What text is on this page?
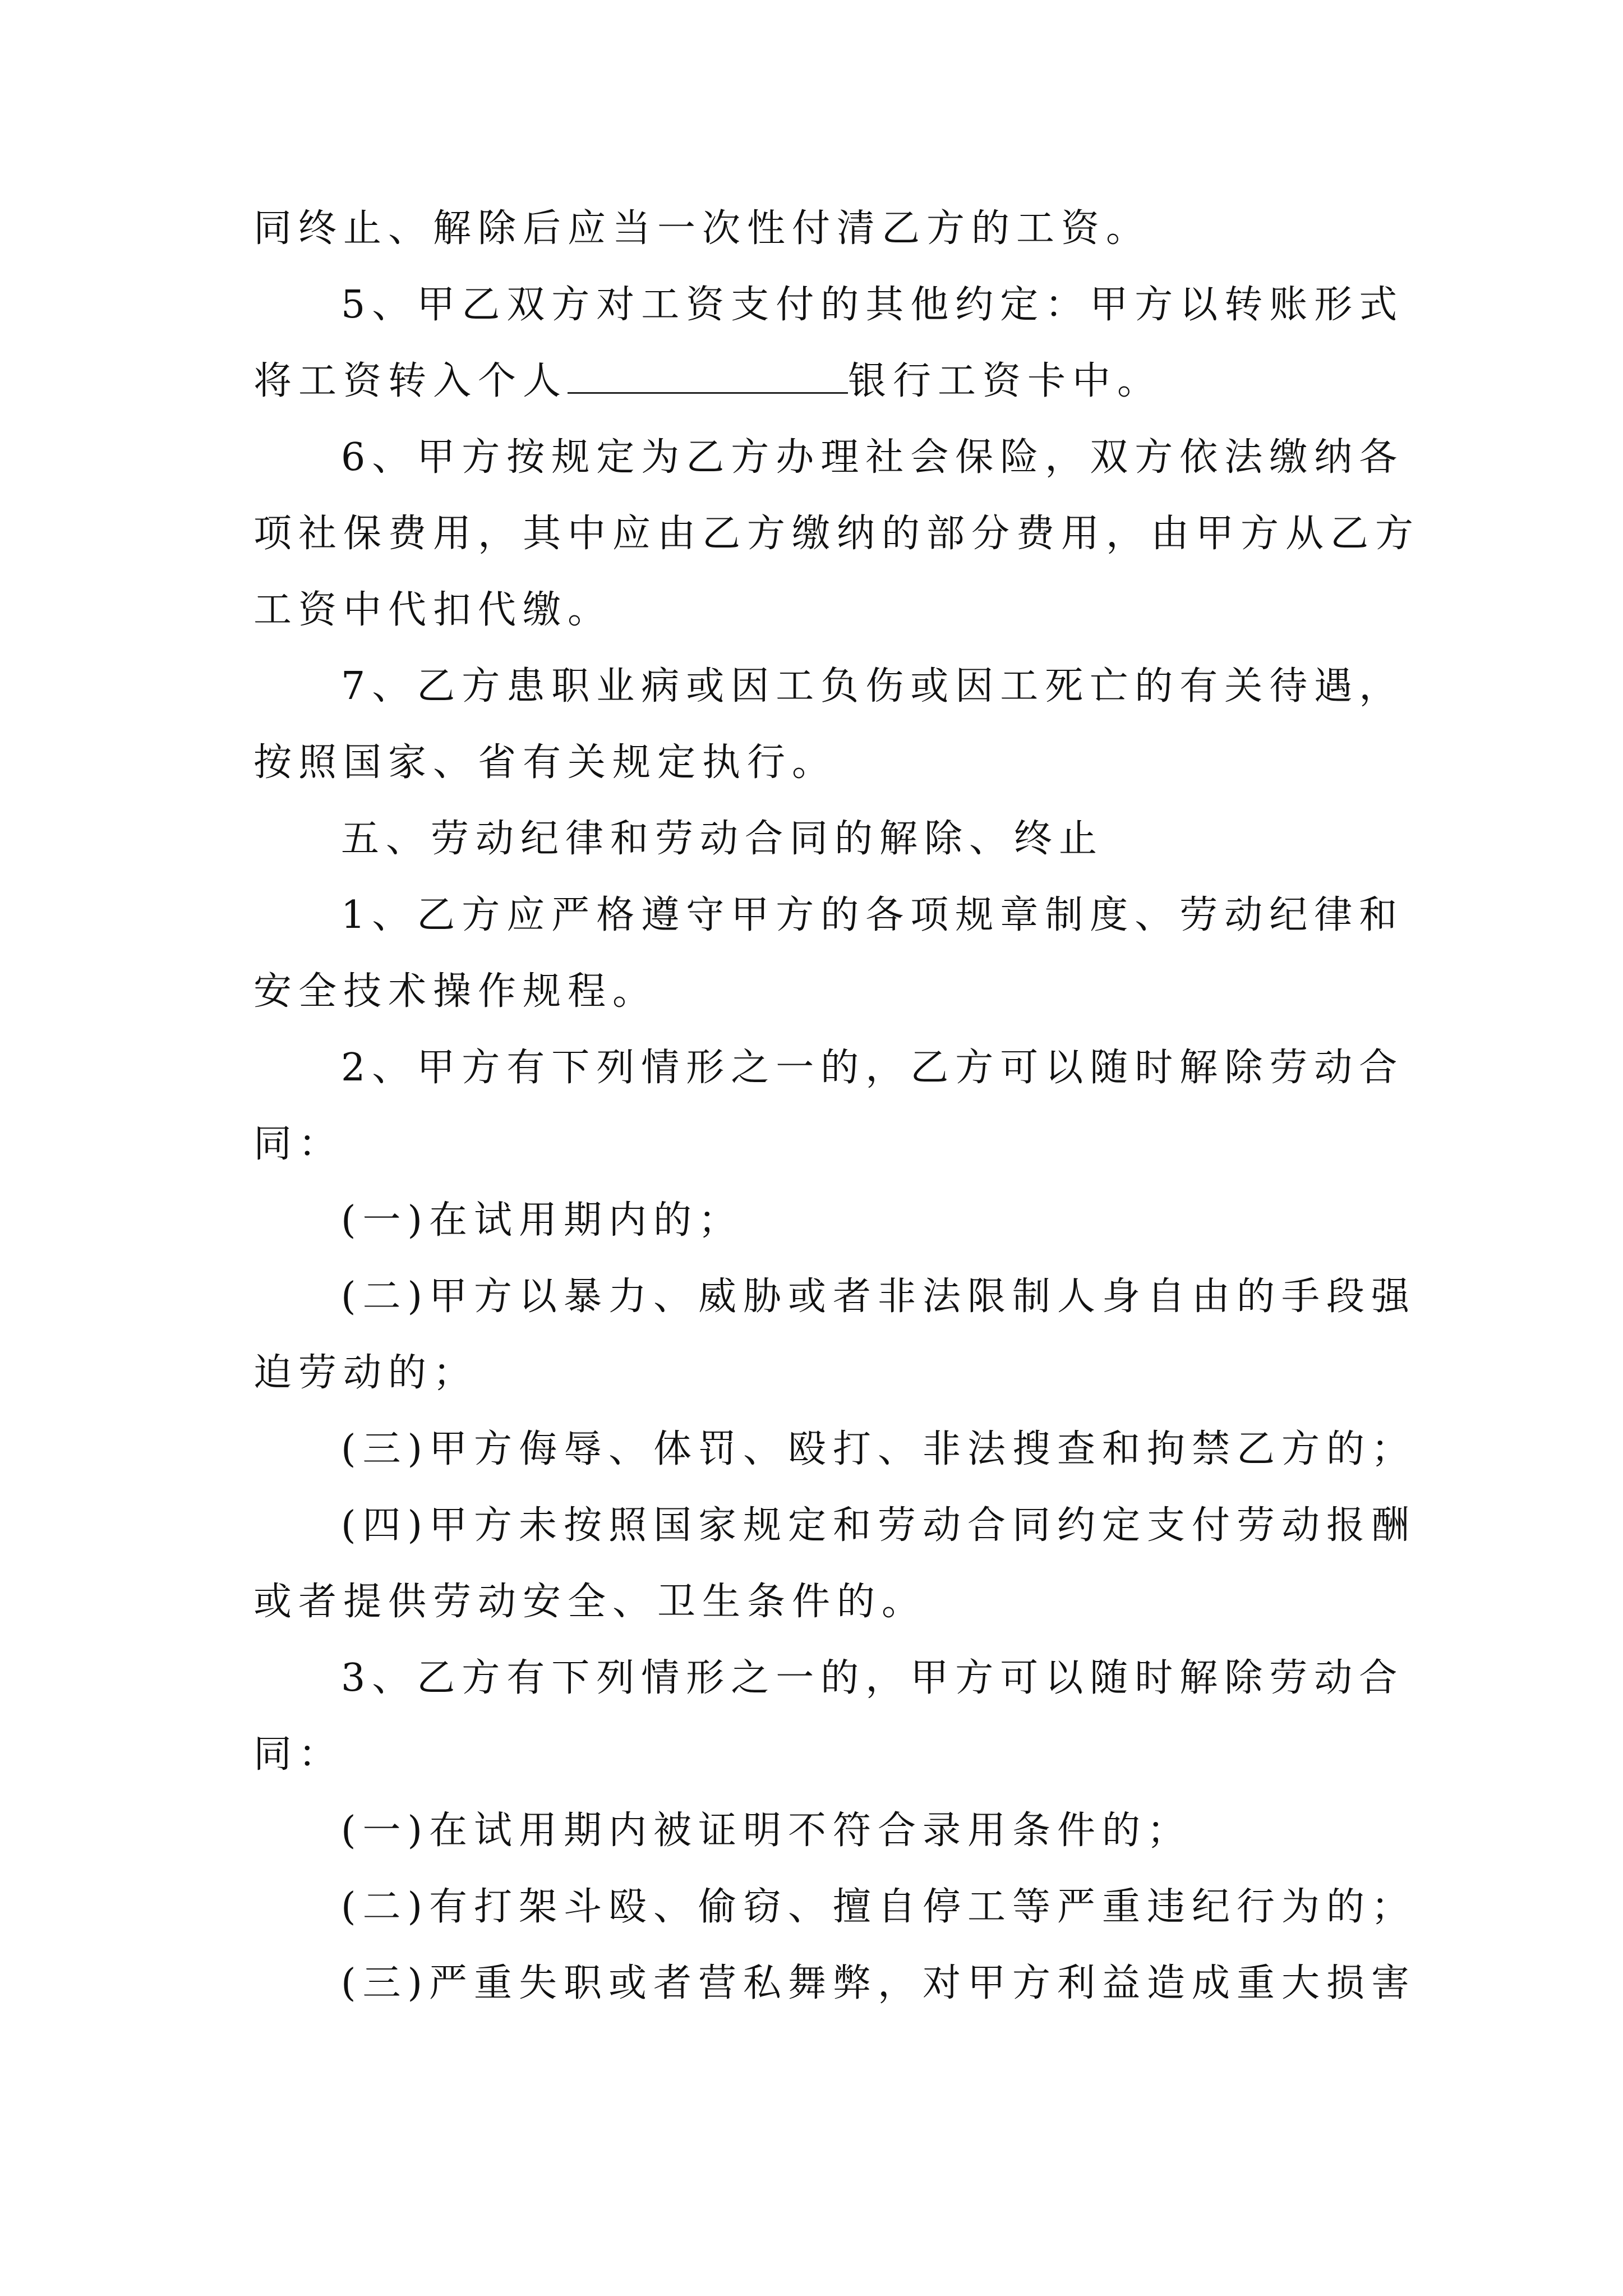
同终止、解除后应当一次性付清乙方的工资。
5、甲乙双方对工资支付的其他约定：甲方以转账形式
将工资转入个人	银行工资卡中。
6、甲方按规定为乙方办理社会保险，双方依法缴纳各
项社保费用，其中应由乙方缴纳的部分费用，由甲方从乙方
工资中代扣代缴。
7、乙方患职业病或因工负伤或因工死亡的有关待遇，
按照国家、省有关规定执行。
五、劳动纪律和劳动合同的解除、终止
1、乙方应严格遵守甲方的各项规章制度、劳动纪律和
安全技术操作规程。
2、甲方有下列情形之一的，乙方可以随时解除劳动合
同：
(一)在试用期内的；
(二)甲方以暴力、威胁或者非法限制人身自由的手段强
迫劳动的；
(三)甲方侮辱、体罚、殴打、非法搜查和拘禁乙方的；
(四)甲方未按照国家规定和劳动合同约定支付劳动报酬
或者提供劳动安全、卫生条件的。
3、乙方有下列情形之一的，甲方可以随时解除劳动合
同：
(一)在试用期内被证明不符合录用条件的；
(二)有打架斗殴、偷窃、擅自停工等严重违纪行为的；
(三)严重失职或者营私舞弊，对甲方利益造成重大损害
